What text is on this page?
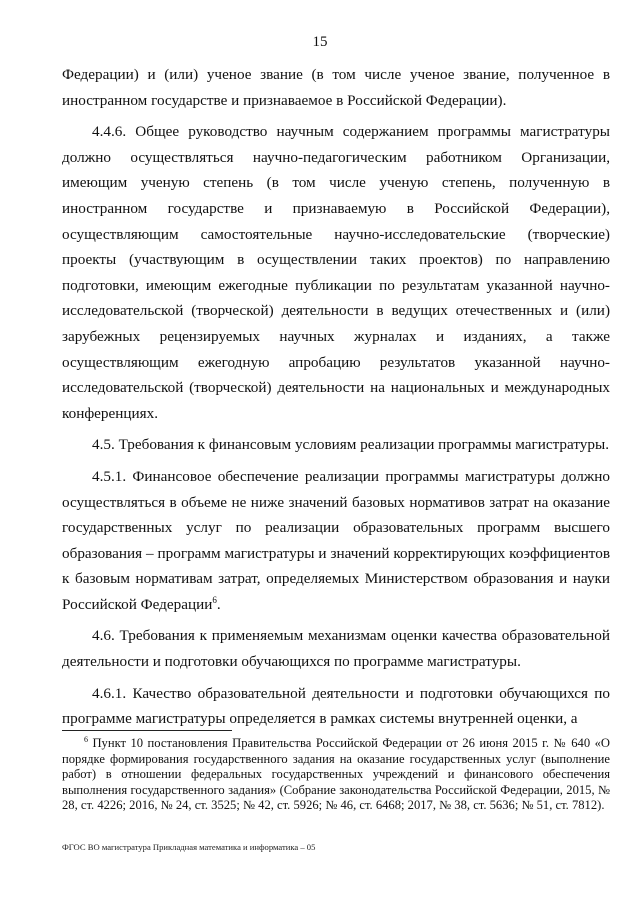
15

Федерации) и (или) ученое звание (в том числе ученое звание, полученное в иностранном государстве и признаваемое в Российской Федерации).

4.4.6. Общее руководство научным содержанием программы магистратуры должно осуществляться научно-педагогическим работником Организации, имеющим ученую степень (в том числе ученую степень, полученную в иностранном государстве и признаваемую в Российской Федерации), осуществляющим самостоятельные научно-исследовательские (творческие) проекты (участвующим в осуществлении таких проектов) по направлению подготовки, имеющим ежегодные публикации по результатам указанной научно-исследовательской (творческой) деятельности в ведущих отечественных и (или) зарубежных рецензируемых научных журналах и изданиях, а также осуществляющим ежегодную апробацию результатов указанной научно-исследовательской (творческой) деятельности на национальных и международных конференциях.

4.5. Требования к финансовым условиям реализации программы магистратуры.

4.5.1. Финансовое обеспечение реализации программы магистратуры должно осуществляться в объеме не ниже значений базовых нормативов затрат на оказание государственных услуг по реализации образовательных программ высшего образования – программ магистратуры и значений корректирующих коэффициентов к базовым нормативам затрат, определяемых Министерством образования и науки Российской Федерации$^6$.

4.6. Требования к применяемым механизмам оценки качества образовательной деятельности и подготовки обучающихся по программе магистратуры.

4.6.1. Качество образовательной деятельности и подготовки обучающихся по программе магистратуры определяется в рамках системы внутренней оценки, а

$^6$ Пункт 10 постановления Правительства Российской Федерации от 26 июня 2015 г. № 640 «О порядке формирования государственного задания на оказание государственных услуг (выполнение работ) в отношении федеральных государственных учреждений и финансового обеспечения выполнения государственного задания» (Собрание законодательства Российской Федерации, 2015, № 28, ст. 4226; 2016, № 24, ст. 3525; № 42, ст. 5926; № 46, ст. 6468; 2017, № 38, ст. 5636; № 51, ст. 7812).
ФГОС ВО магистратура Прикладная математика и информатика – 05
